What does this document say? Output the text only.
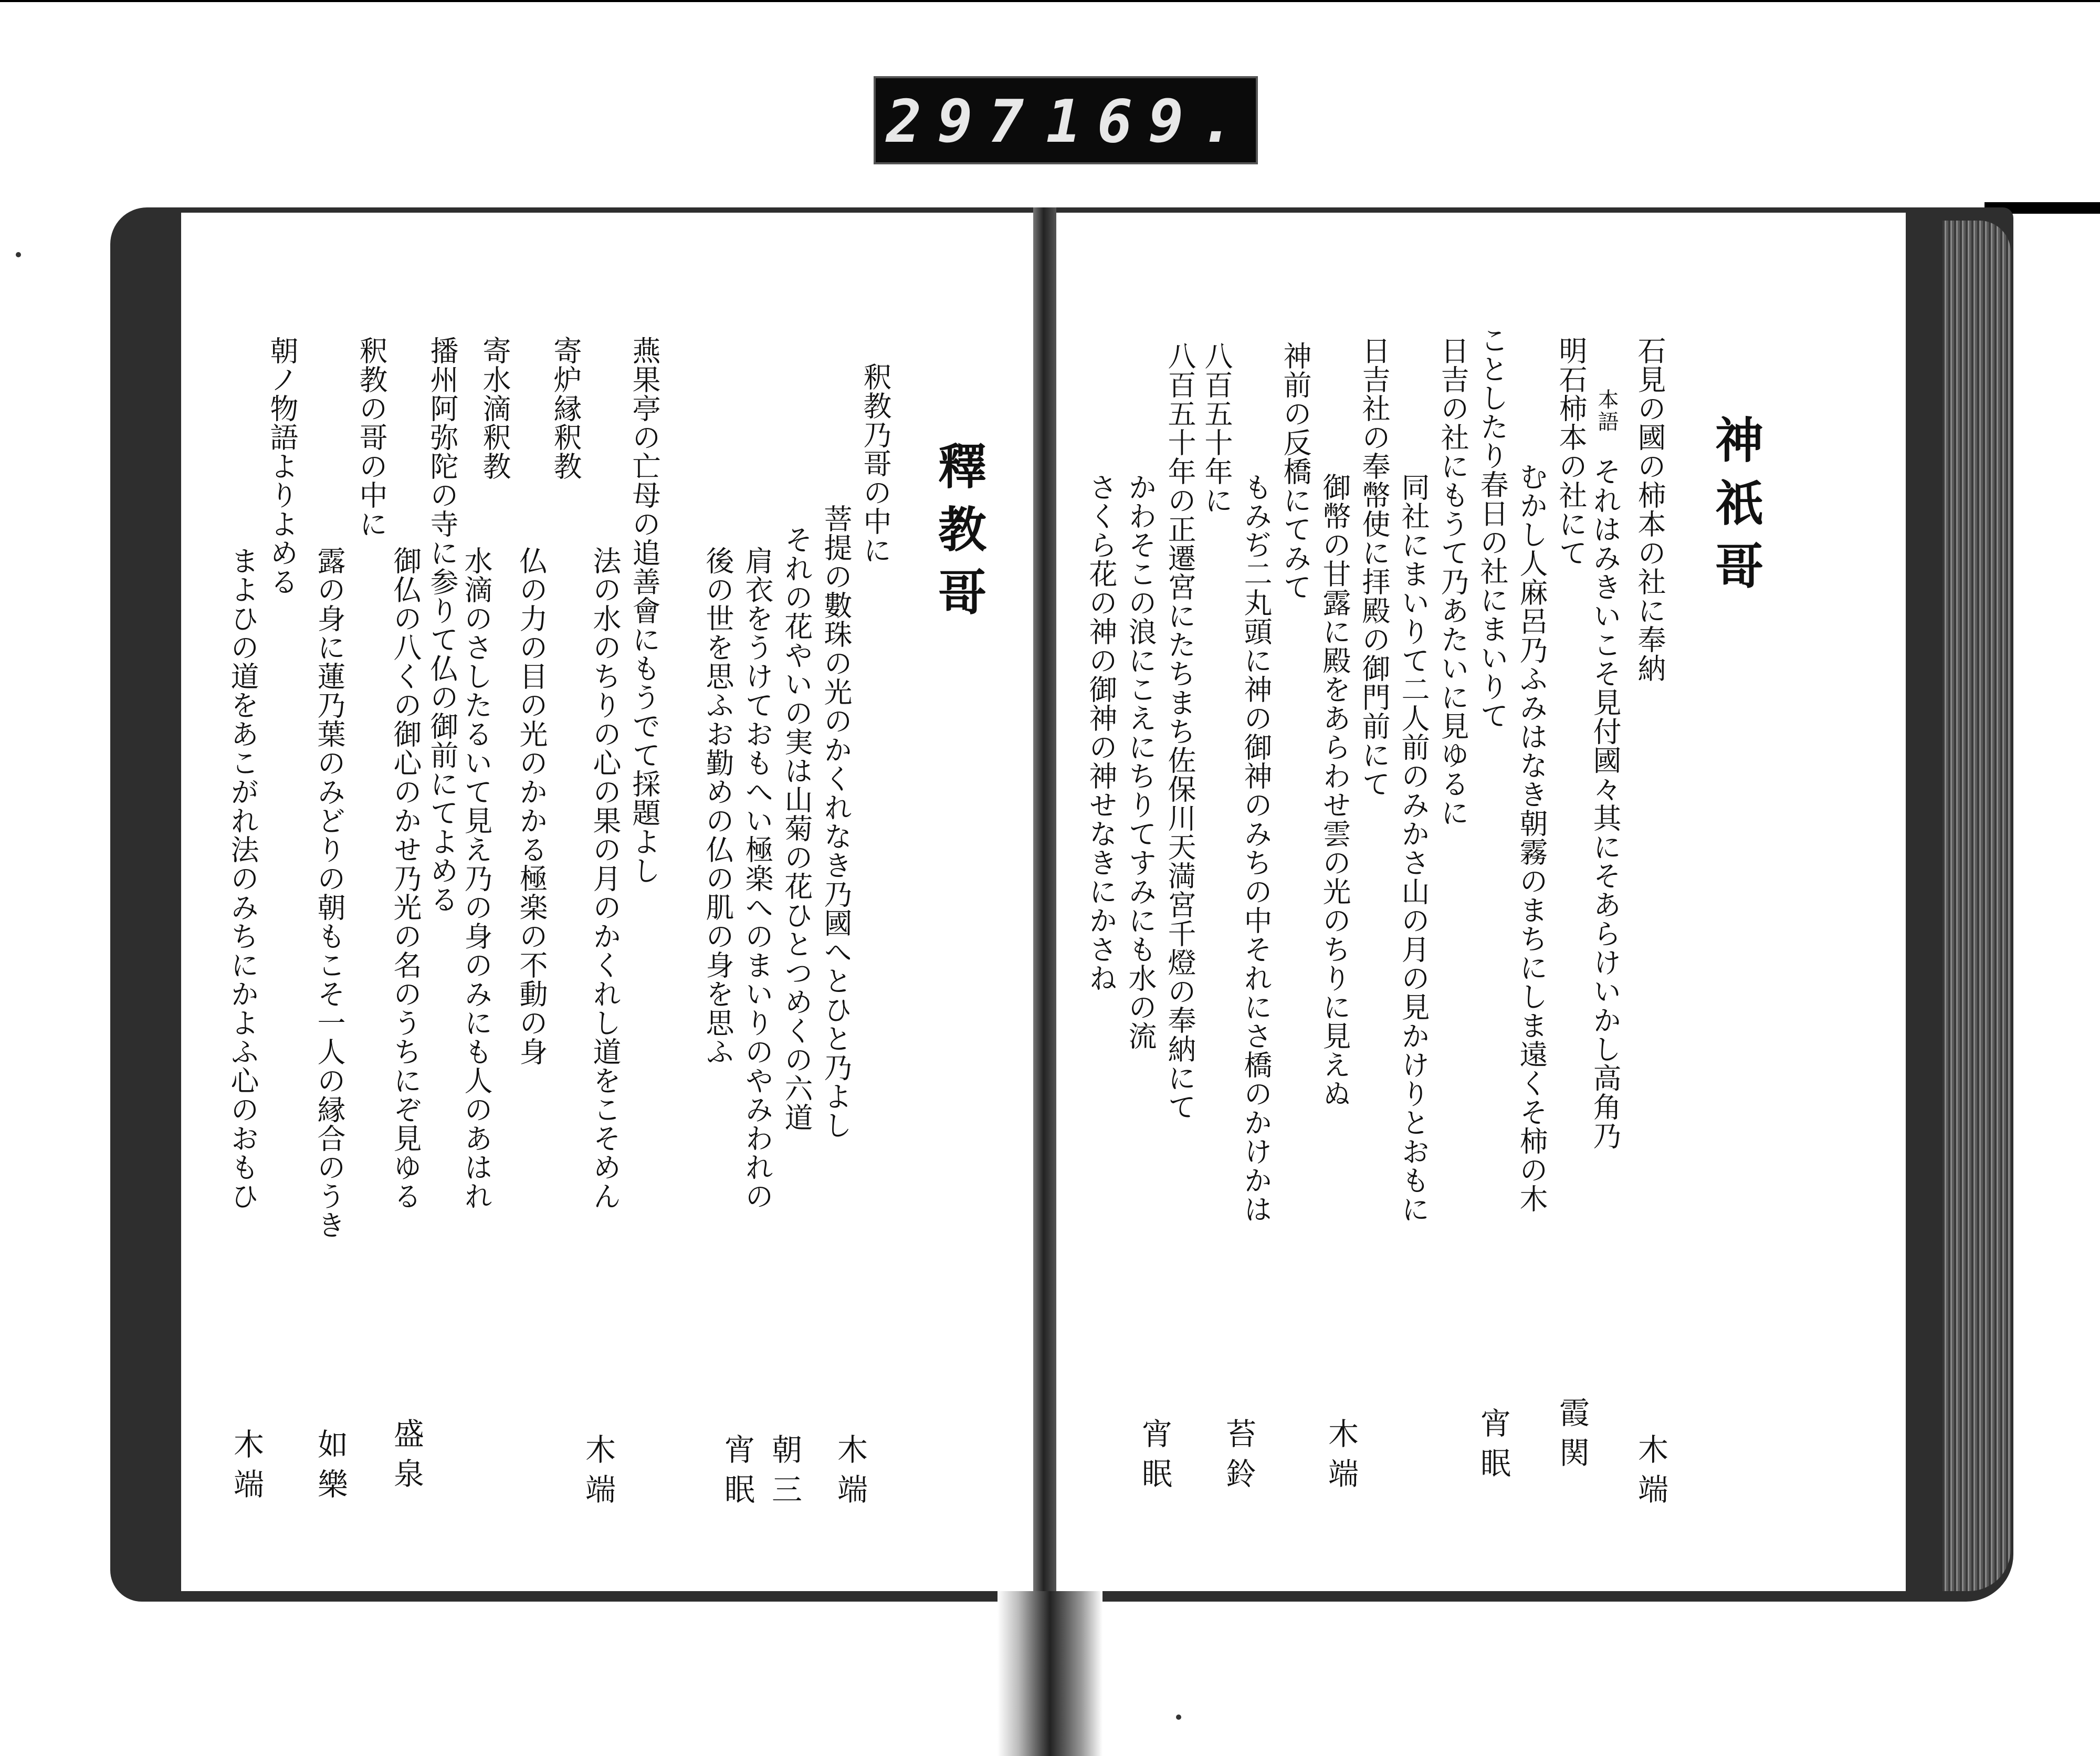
297 169.
神祇哥
石見の國の柿本の社に奉納
木端
本語
それはみきいこそ見付國々其にそあらけいかし高角乃
明石柿本の社にて
霞関
むかし人麻呂乃ふみはなき朝霧のまちにしま遠くそ柿の木
ことしたり春日の社にまいりて
宵眠
日吉の社にもうて乃あたいに見ゆるに
同社にまいりて二人前のみかさ山の月の見かけりとおもに
日吉社の奉幣使に拝殿の御門前にて
木端
御幣の甘露に殿をあらわせ雲の光のちりに見えぬ
神前の反橋にてみて
苔鈴
もみぢ二丸頭に神の御神のみちの中それにさ橋のかけかは
八百五十年に
八百五十年の正遷宮にたちまち佐保川天満宮千燈の奉納にて
宵眠
かわそこの浪にこえにちりてすみにも水の流
さくら花の神の御神の神せなきにかさね
釋教哥
釈教乃哥の中に
木端
菩提の數珠の光のかくれなき乃國へとひと乃よし
それの花やいの実は山菊の花ひとつめくの六道
朝三
肩衣をうけておもへい極楽へのまいりのやみわれの
後の世を思ふお勤めの仏の肌の身を思ふ
宵眠
燕果亭の亡母の追善會にもうでて採題よし
木端
法の水のちりの心の果の月のかくれし道をこそめん
寄炉縁釈教
仏の力の目の光のかかる極楽の不動の身
寄水滴釈教
盛泉
水滴のさしたるいて見え乃の身のみにも人のあはれ
播州阿弥陀の寺に参りて仏の御前にてよめる
如樂
御仏の八くの御心のかせ乃光の名のうちにぞ見ゆる
釈教の哥の中に
露の身に蓮乃葉のみどりの朝もこそ一人の縁合のうき
朝ノ物語よりよめる
木端
まよひの道をあこがれ法のみちにかよふ心のおもひ
